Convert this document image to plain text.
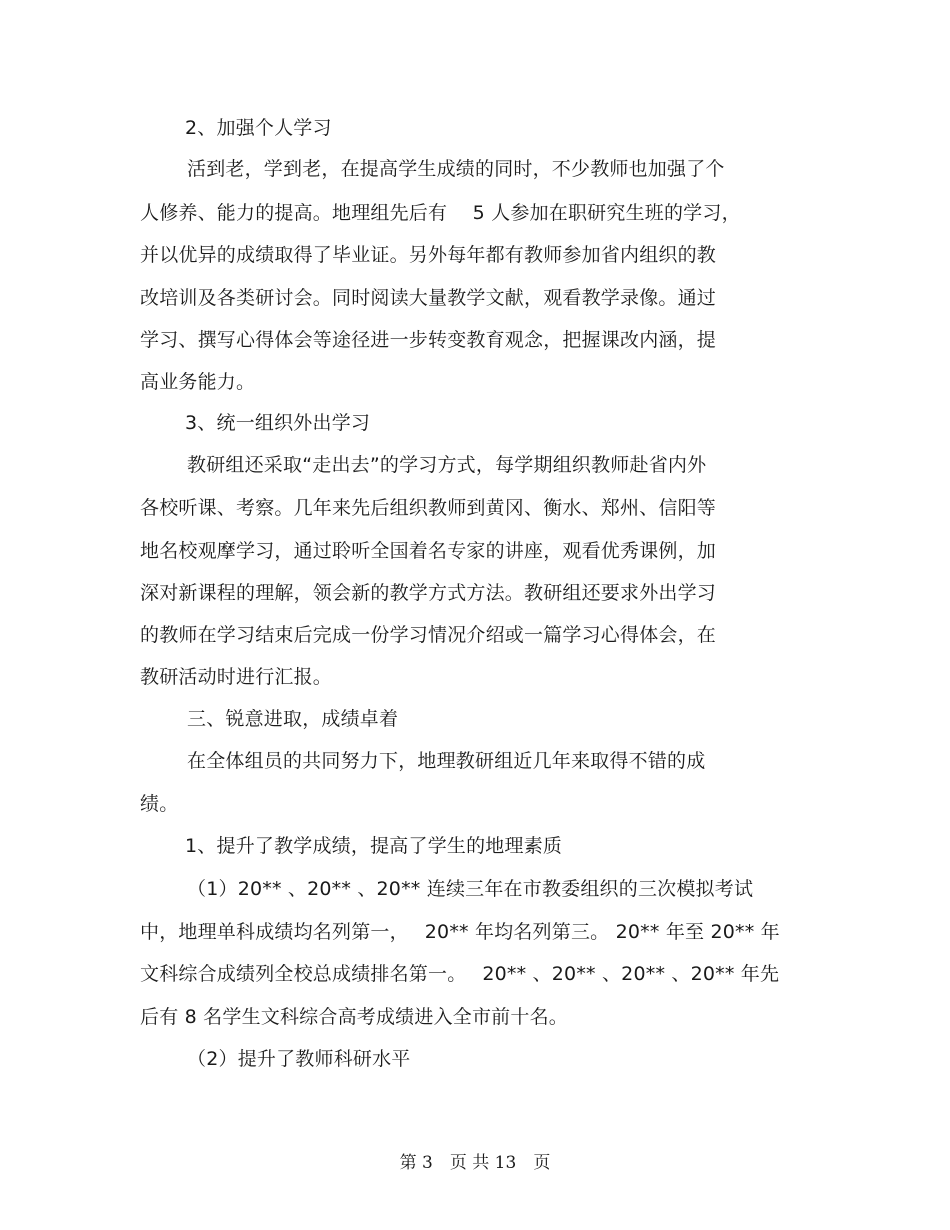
2、加强个人学习
活到老，学到老，在提高学生成绩的同时，不少教师也加强了个
人修养、能力的提高。地理组先后有　 5 人参加在职研究生班的学习，
并以优异的成绩取得了毕业证。另外每年都有教师参加省内组织的教
改培训及各类研讨会。同时阅读大量教学文献，观看教学录像。通过
学习、撰写心得体会等途径进一步转变教育观念，把握课改内涵，提
高业务能力。
3、统一组织外出学习
教研组还采取“走出去”的学习方式，每学期组织教师赴省内外
各校听课、考察。几年来先后组织教师到黄冈、衡水、郑州、信阳等
地名校观摩学习，通过聆听全国着名专家的讲座，观看优秀课例，加
深对新课程的理解，领会新的教学方式方法。教研组还要求外出学习
的教师在学习结束后完成一份学习情况介绍或一篇学习心得体会，在
教研活动时进行汇报。
三、锐意进取，成绩卓着
在全体组员的共同努力下，地理教研组近几年来取得不错的成
绩。
1、提升了教学成绩，提高了学生的地理素质
（1）20** 、20** 、20** 连续三年在市教委组织的三次模拟考试
中，地理单科成绩均名列第一，　 20** 年均名列第三。 20** 年至 20** 年
文科综合成绩列全校总成绩排名第一。　 20** 、20** 、20** 、20** 年先
后有 8 名学生文科综合高考成绩进入全市前十名。
（2）提升了教师科研水平
第 3　页 共 13　页
